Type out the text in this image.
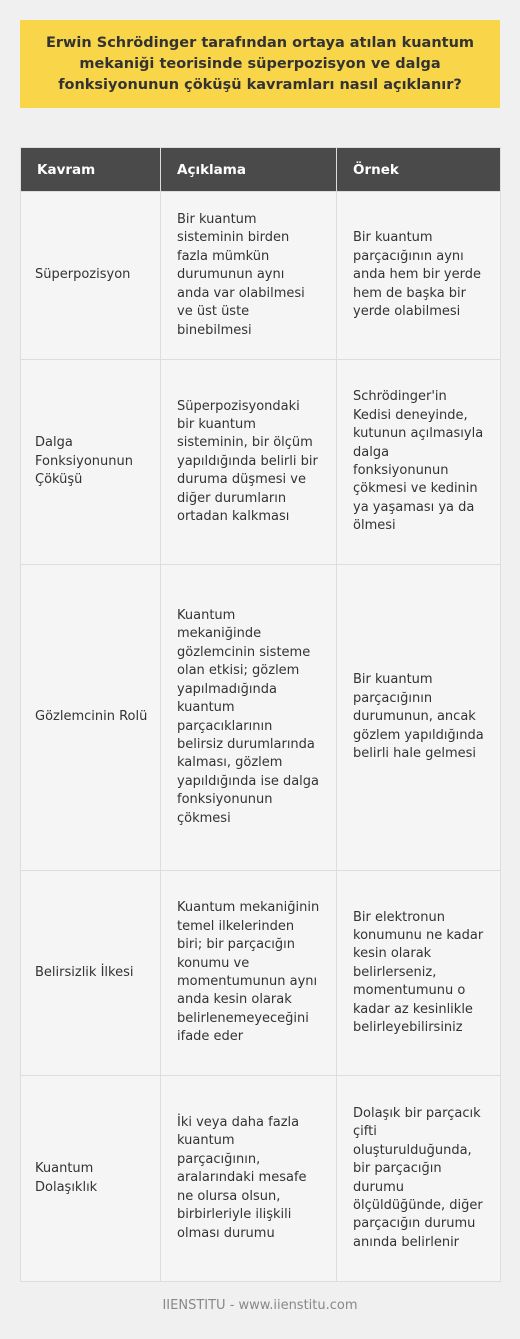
Erwin Schrödinger tarafından ortaya atılan kuantum mekaniği teorisinde süperpozisyon ve dalga fonksiyonunun çöküşü kavramları nasıl açıklanır?
Kavram	Açıklama	Örnek
Süperpozisyon	Bir kuantum sisteminin birden fazla mümkün durumunun aynı anda var olabilmesi ve üst üste binebilmesi	Bir kuantum parçacığının aynı anda hem bir yerde hem de başka bir yerde olabilmesi
Dalga Fonksiyonunun Çöküşü	Süperpozisyondaki bir kuantum sisteminin, bir ölçüm yapıldığında belirli bir duruma düşmesi ve diğer durumların ortadan kalkması	Schrödinger'in Kedisi deneyinde, kutunun açılmasıyla dalga fonksiyonunun çökmesi ve kedinin ya yaşaması ya da ölmesi
Gözlemcinin Rolü	Kuantum mekaniğinde gözlemcinin sisteme olan etkisi; gözlem yapılmadığında kuantum parçacıklarının belirsiz durumlarında kalması, gözlem yapıldığında ise dalga fonksiyonunun çökmesi	Bir kuantum parçacığının durumunun, ancak gözlem yapıldığında belirli hale gelmesi
Belirsizlik İlkesi	Kuantum mekaniğinin temel ilkelerinden biri; bir parçacığın konumu ve momentumunun aynı anda kesin olarak belirlenemeyeceğini ifade eder	Bir elektronun konumunu ne kadar kesin olarak belirlerseniz, momentumunu o kadar az kesinlikle belirleyebilirsiniz
Kuantum Dolaşıklık	İki veya daha fazla kuantum parçacığının, aralarındaki mesafe ne olursa olsun, birbirleriyle ilişkili olması durumu	Dolaşık bir parçacık çifti oluşturulduğunda, bir parçacığın durumu ölçüldüğünde, diğer parçacığın durumu anında belirlenir
IIENSTITU - www.iienstitu.com
